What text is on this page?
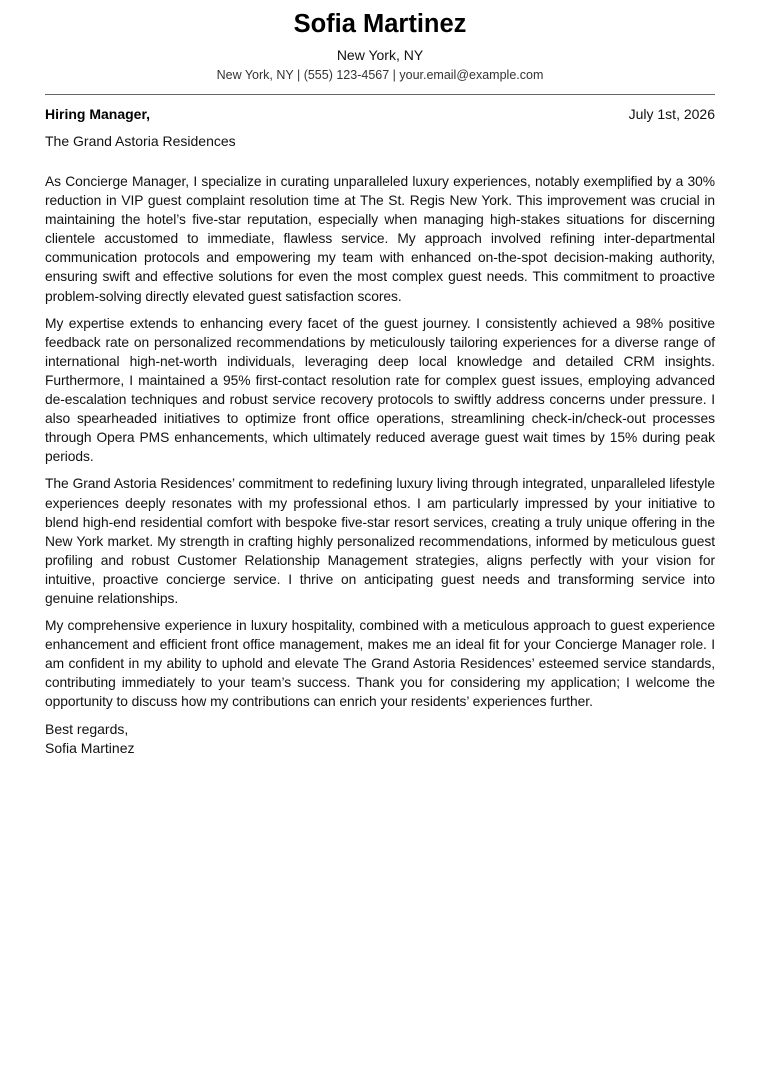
Sofia Martinez
New York, NY
New York, NY | (555) 123-4567 | your.email@example.com
Hiring Manager,	July 1st, 2026
The Grand Astoria Residences

As Concierge Manager, I specialize in curating unparalleled luxury experiences, notably exemplified by a 30% reduction in VIP guest complaint resolution time at The St. Regis New York. This improvement was crucial in maintaining the hotel’s five-star reputation, especially when managing high-stakes situations for discerning clientele accustomed to immediate, flawless service. My approach involved refining inter-departmental communication protocols and empowering my team with enhanced on-the-spot decision-making authority, ensuring swift and effective solutions for even the most complex guest needs. This commitment to proactive problem-solving directly elevated guest satisfaction scores.

My expertise extends to enhancing every facet of the guest journey. I consistently achieved a 98% positive feedback rate on personalized recommendations by meticulously tailoring experiences for a diverse range of international high-net-worth individuals, leveraging deep local knowledge and detailed CRM insights. Furthermore, I maintained a 95% first-contact resolution rate for complex guest issues, employing advanced de-escalation techniques and robust service recovery protocols to swiftly address concerns under pressure. I also spearheaded initiatives to optimize front office operations, streamlining check-in/check-out processes through Opera PMS enhancements, which ultimately reduced average guest wait times by 15% during peak periods.

The Grand Astoria Residences’ commitment to redefining luxury living through integrated, unparalleled lifestyle experiences deeply resonates with my professional ethos. I am particularly impressed by your initiative to blend high-end residential comfort with bespoke five-star resort services, creating a truly unique offering in the New York market. My strength in crafting highly personalized recommendations, informed by meticulous guest profiling and robust Customer Relationship Management strategies, aligns perfectly with your vision for intuitive, proactive concierge service. I thrive on anticipating guest needs and transforming service into genuine relationships.

My comprehensive experience in luxury hospitality, combined with a meticulous approach to guest experience enhancement and efficient front office management, makes me an ideal fit for your Concierge Manager role. I am confident in my ability to uphold and elevate The Grand Astoria Residences’ esteemed service standards, contributing immediately to your team’s success. Thank you for considering my application; I welcome the opportunity to discuss how my contributions can enrich your residents’ experiences further.

Best regards,
Sofia Martinez
